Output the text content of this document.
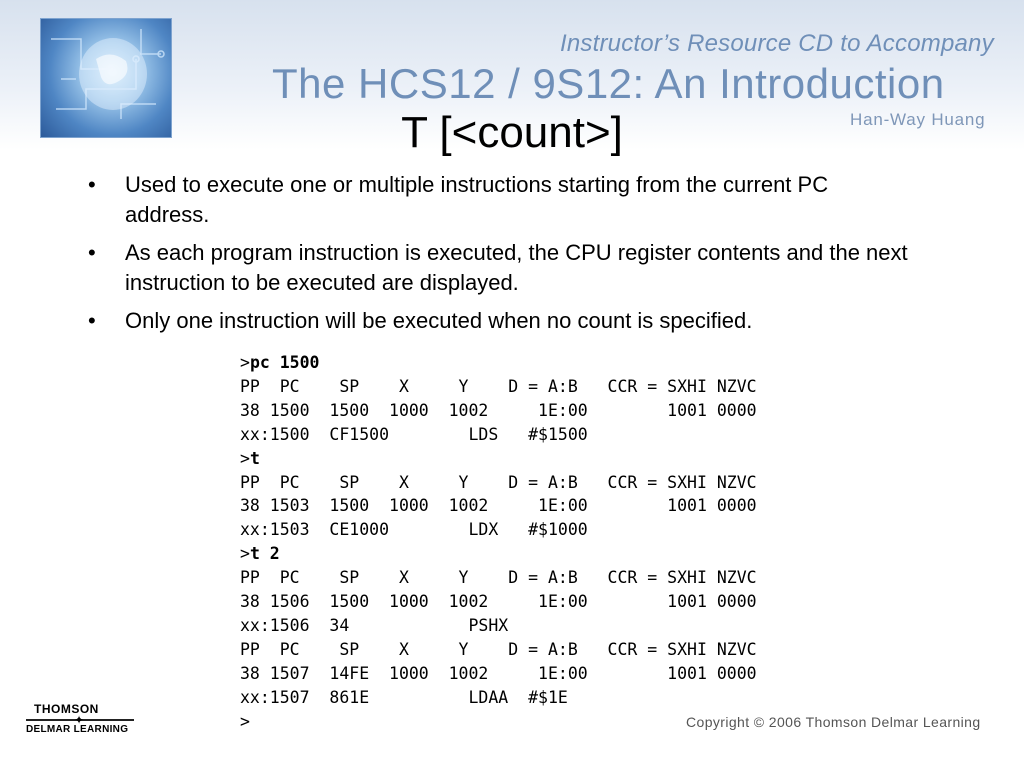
Instructor’s Resource CD to Accompany
The HCS12 / 9S12: An Introduction
Han-Way Huang
T [<count>]
• Used to execute one or multiple instructions starting from the current PC address.
• As each program instruction is executed, the CPU register contents and the next instruction to be executed are displayed.
• Only one instruction will be executed when no count is specified.
>pc 1500
PP  PC    SP    X     Y    D = A:B   CCR = SXHI NZVC
38 1500  1500  1000  1002     1E:00        1001 0000
xx:1500  CF1500        LDS   #$1500
>t
PP  PC    SP    X     Y    D = A:B   CCR = SXHI NZVC
38 1503  1500  1000  1002     1E:00        1001 0000
xx:1503  CE1000        LDX   #$1000
>t 2
PP  PC    SP    X     Y    D = A:B   CCR = SXHI NZVC
38 1506  1500  1000  1002     1E:00        1001 0000
xx:1506  34            PSHX
PP  PC    SP    X     Y    D = A:B   CCR = SXHI NZVC
38 1507  14FE  1000  1002     1E:00        1001 0000
xx:1507  861E          LDAA  #$1E
>
THOMSON
✦
DELMAR LEARNING	Copyright © 2006 Thomson Delmar Learning
